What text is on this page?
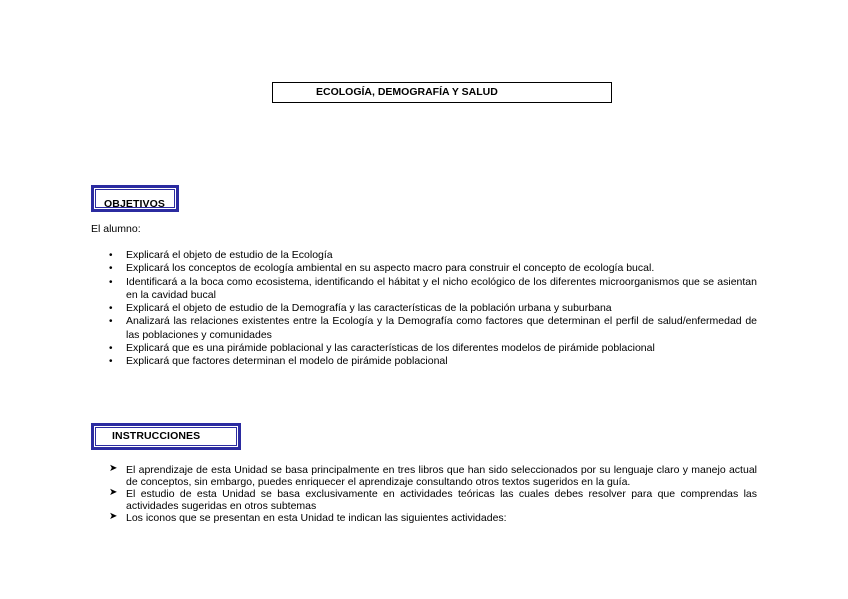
ECOLOGÍA, DEMOGRAFÍA Y SALUD
OBJETIVOS
El alumno:
• Explicará el objeto de estudio de la Ecología
• Explicará los conceptos de ecología ambiental en su aspecto macro para construir el concepto de ecología bucal.
• Identificará a la boca como ecosistema, identificando el hábitat y el nicho ecológico de los diferentes microorganismos que se asientan en la cavidad bucal
• Explicará el objeto de estudio de la Demografía y las características de la población urbana y suburbana
• Analizará las relaciones existentes entre la Ecología y la Demografía como factores que determinan el perfil de salud/enfermedad de las poblaciones y comunidades
• Explicará que es una pirámide poblacional y las características de los diferentes modelos de pirámide poblacional
• Explicará que factores determinan el modelo de pirámide poblacional
INSTRUCCIONES
➤ El aprendizaje de esta Unidad se basa principalmente en tres libros que han sido seleccionados por su lenguaje claro y manejo actual de conceptos, sin embargo, puedes enriquecer el aprendizaje consultando otros textos sugeridos en la guía.
➤ El estudio de esta Unidad se basa exclusivamente en actividades teóricas las cuales debes resolver para que comprendas las actividades sugeridas en otros subtemas
➤ Los iconos que se presentan en esta Unidad te indican las siguientes actividades:
